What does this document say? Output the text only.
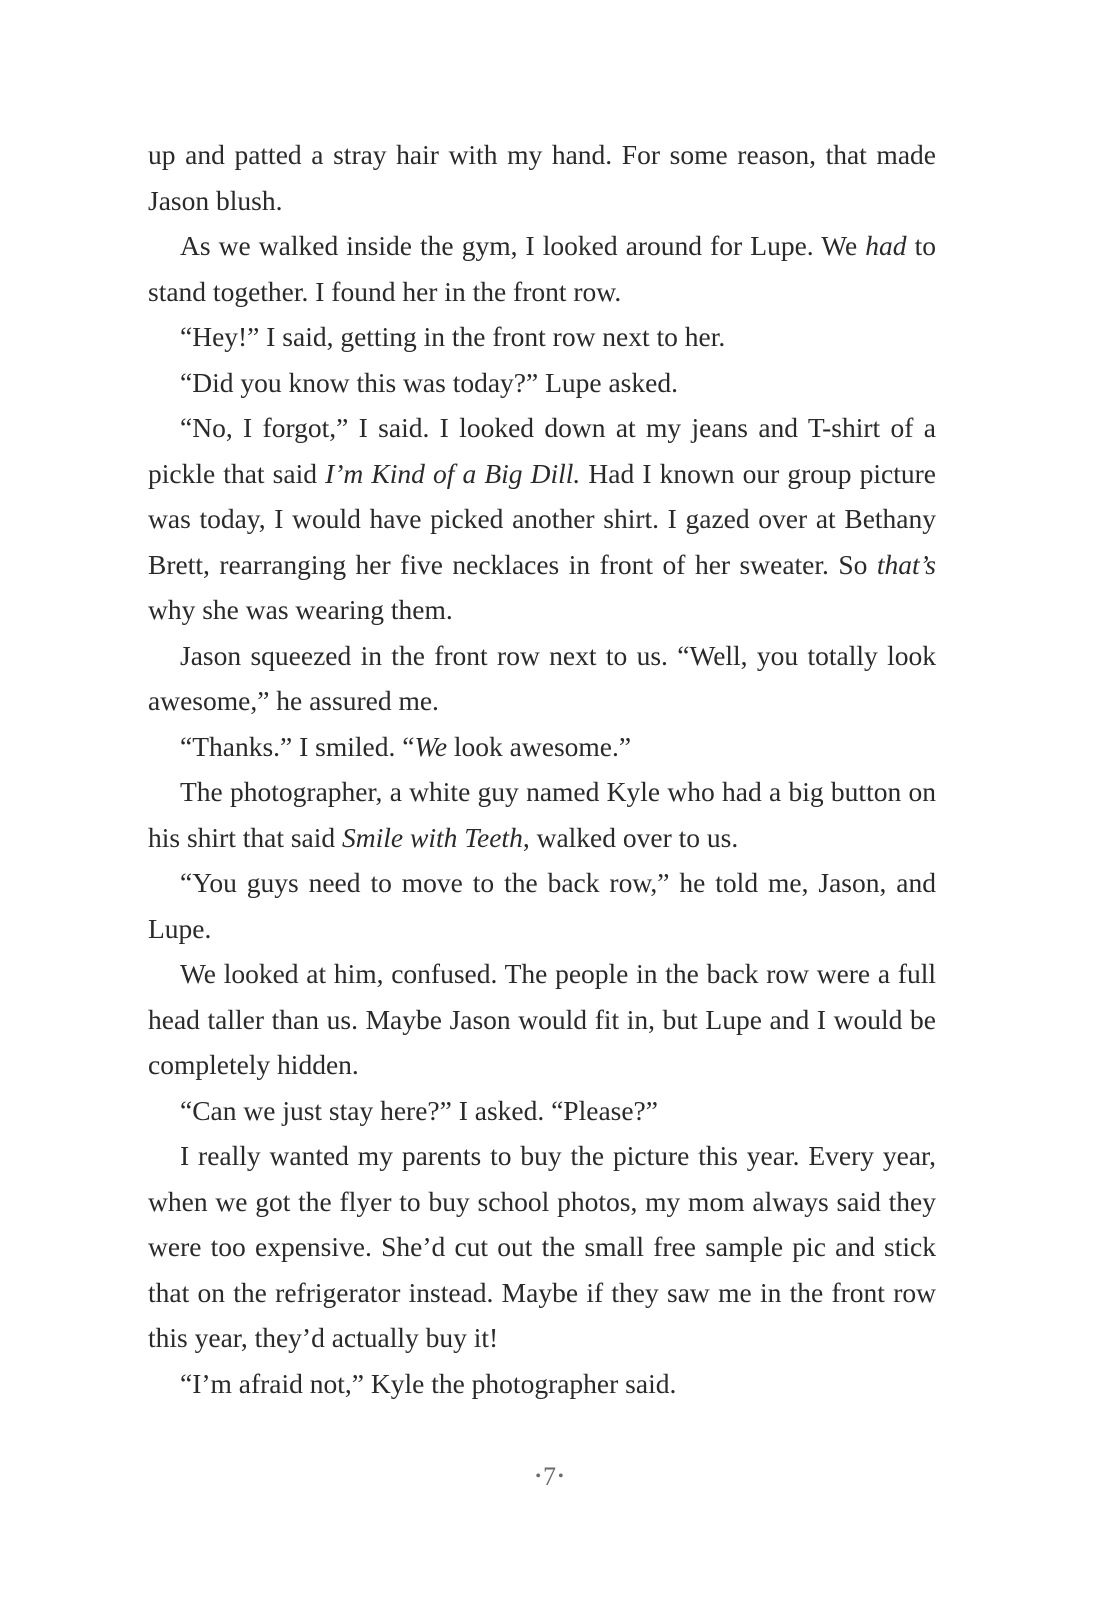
up and patted a stray hair with my hand. For some reason, that made Jason blush.

As we walked inside the gym, I looked around for Lupe. We had to stand together. I found her in the front row.

“Hey!” I said, getting in the front row next to her.

“Did you know this was today?” Lupe asked.

“No, I forgot,” I said. I looked down at my jeans and T-shirt of a pickle that said I’m Kind of a Big Dill. Had I known our group picture was today, I would have picked another shirt. I gazed over at Bethany Brett, rearranging her five necklaces in front of her sweater. So that’s why she was wearing them.

Jason squeezed in the front row next to us. “Well, you totally look awesome,” he assured me.

“Thanks.” I smiled. “We look awesome.”

The photographer, a white guy named Kyle who had a big button on his shirt that said Smile with Teeth, walked over to us.

“You guys need to move to the back row,” he told me, Jason, and Lupe.

We looked at him, confused. The people in the back row were a full head taller than us. Maybe Jason would fit in, but Lupe and I would be completely hidden.

“Can we just stay here?” I asked. “Please?”

I really wanted my parents to buy the picture this year. Every year, when we got the flyer to buy school photos, my mom always said they were too expensive. She’d cut out the small free sample pic and stick that on the refrigerator instead. Maybe if they saw me in the front row this year, they’d actually buy it!

“I’m afraid not,” Kyle the photographer said.

•7•
